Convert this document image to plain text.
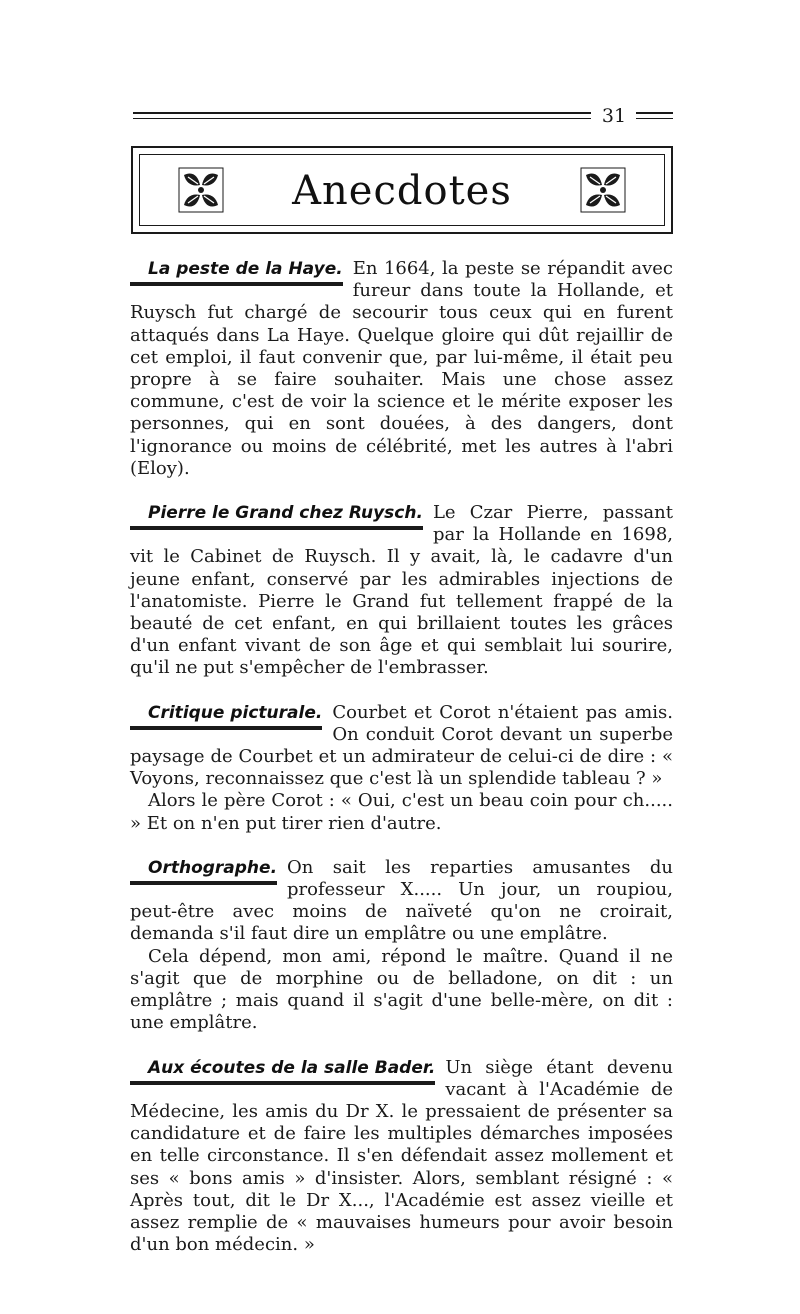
31
Anecdotes
La peste de la Haye. En 1664, la peste se répandit avec fureur dans toute la Hollande, et Ruysch fut chargé de secourir tous ceux qui en furent attaqués dans La Haye. Quelque gloire qui dût rejaillir de cet emploi, il faut convenir que, par lui-même, il était peu propre à se faire souhaiter. Mais une chose assez commune, c'est de voir la science et le mérite exposer les personnes, qui en sont douées, à des dangers, dont l'ignorance ou moins de célébrité, met les autres à l'abri (Eloy).

Pierre le Grand chez Ruysch. Le Czar Pierre, passant par la Hollande en 1698, vit le Cabinet de Ruysch. Il y avait, là, le cadavre d'un jeune enfant, conservé par les admirables injections de l'anatomiste. Pierre le Grand fut tellement frappé de la beauté de cet enfant, en qui brillaient toutes les grâces d'un enfant vivant de son âge et qui semblait lui sourire, qu'il ne put s'empêcher de l'embrasser.

Critique picturale. Courbet et Corot n'étaient pas amis. On conduit Corot devant un superbe paysage de Courbet et un admirateur de celui-ci de dire : « Voyons, reconnaissez que c'est là un splendide tableau ? »

Alors le père Corot : « Oui, c'est un beau coin pour ch..... » Et on n'en put tirer rien d'autre.

Orthographe. On sait les reparties amusantes du professeur X..... Un jour, un roupiou, peut-être avec moins de naïveté qu'on ne croirait, demanda s'il faut dire un emplâtre ou une emplâtre.

Cela dépend, mon ami, répond le maître. Quand il ne s'agit que de morphine ou de belladone, on dit : un emplâtre ; mais quand il s'agit d'une belle-mère, on dit : une emplâtre.

Aux écoutes de la salle Bader. Un siège étant devenu vacant à l'Académie de Médecine, les amis du Dr X. le pressaient de présenter sa candidature et de faire les multiples démarches imposées en telle circonstance. Il s'en défendait assez mollement et ses « bons amis » d'insister. Alors, semblant résigné : « Après tout, dit le Dr X..., l'Académie est assez vieille et assez remplie de « mauvaises humeurs pour avoir besoin d'un bon médecin. »
